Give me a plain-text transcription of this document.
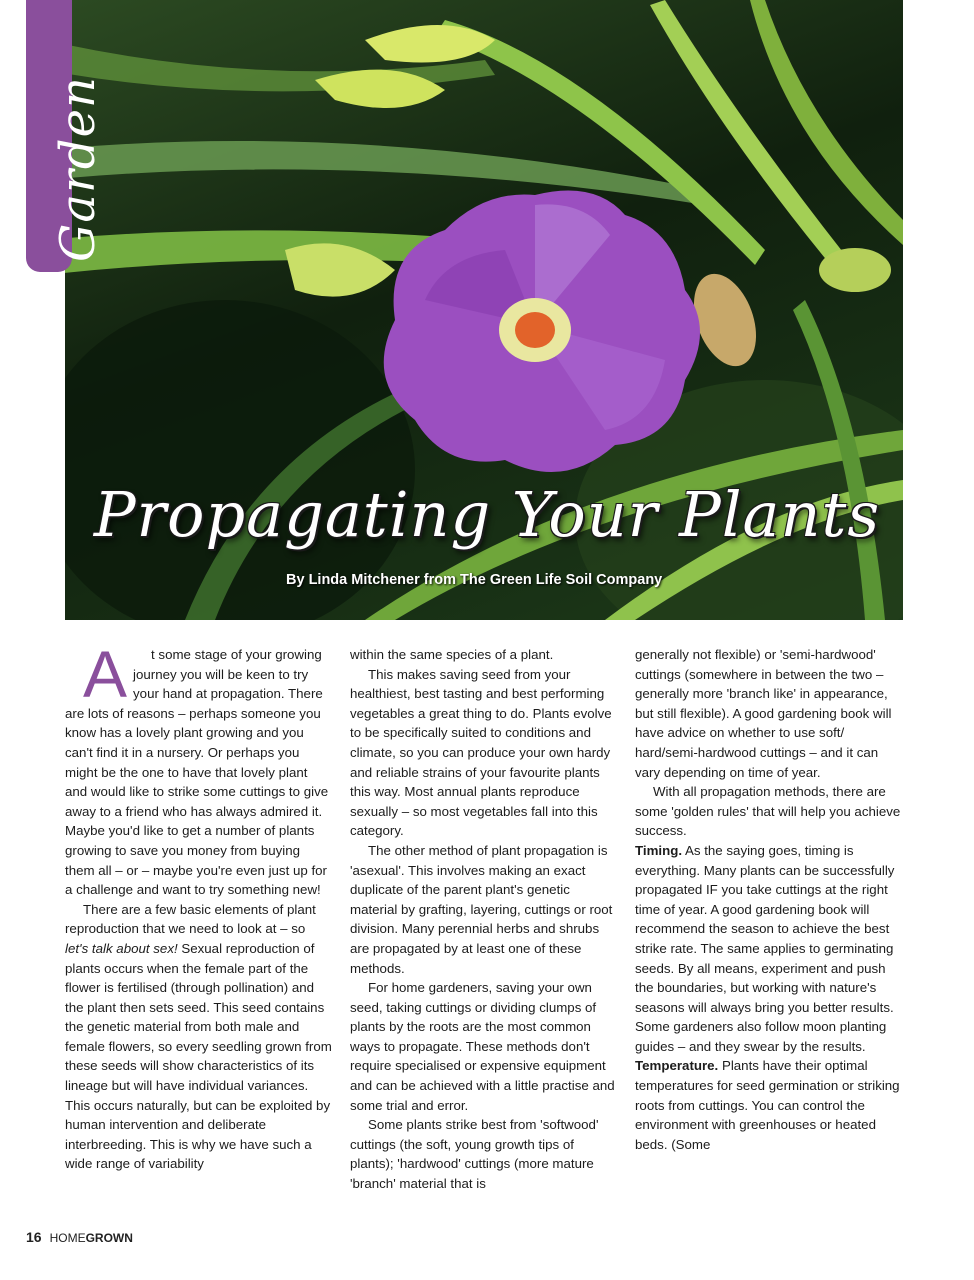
Garden
Propagating Your Plants
By Linda Mitchener from The Green Life Soil Company

A t some stage of your growing journey you will be keen to try your hand at propagation. There are lots of reasons – perhaps someone you know has a lovely plant growing and you can't find it in a nursery. Or perhaps you might be the one to have that lovely plant and would like to strike some cuttings to give away to a friend who has always admired it. Maybe you'd like to get a number of plants growing to save you money from buying them all – or – maybe you're even just up for a challenge and want to try something new!

There are a few basic elements of plant reproduction that we need to look at – so let's talk about sex! Sexual reproduction of plants occurs when the female part of the flower is fertilised (through pollination) and the plant then sets seed. This seed contains the genetic material from both male and female flowers, so every seedling grown from these seeds will show characteristics of its lineage but will have individual variances. This occurs naturally, but can be exploited by human intervention and deliberate interbreeding. This is why we have such a wide range of variability

within the same species of a plant.

This makes saving seed from your healthiest, best tasting and best performing vegetables a great thing to do. Plants evolve to be specifically suited to conditions and climate, so you can produce your own hardy and reliable strains of your favourite plants this way. Most annual plants reproduce sexually – so most vegetables fall into this category.

The other method of plant propagation is 'asexual'. This involves making an exact duplicate of the parent plant's genetic material by grafting, layering, cuttings or root division. Many perennial herbs and shrubs are propagated by at least one of these methods.

For home gardeners, saving your own seed, taking cuttings or dividing clumps of plants by the roots are the most common ways to propagate. These methods don't require specialised or expensive equipment and can be achieved with a little practise and some trial and error.

Some plants strike best from 'softwood' cuttings (the soft, young growth tips of plants); 'hardwood' cuttings (more mature 'branch' material that is

generally not flexible) or 'semi-hardwood' cuttings (somewhere in between the two – generally more 'branch like' in appearance, but still flexible). A good gardening book will have advice on whether to use soft/ hard/semi-hardwood cuttings – and it can vary depending on time of year.

With all propagation methods, there are some 'golden rules' that will help you achieve success.

Timing. As the saying goes, timing is everything. Many plants can be successfully propagated IF you take cuttings at the right time of year. A good gardening book will recommend the season to achieve the best strike rate. The same applies to germinating seeds. By all means, experiment and push the boundaries, but working with nature's seasons will always bring you better results. Some gardeners also follow moon planting guides – and they swear by the results.

Temperature. Plants have their optimal temperatures for seed germination or striking roots from cuttings. You can control the environment with greenhouses or heated beds. (Some

16 HOMEGROWN
